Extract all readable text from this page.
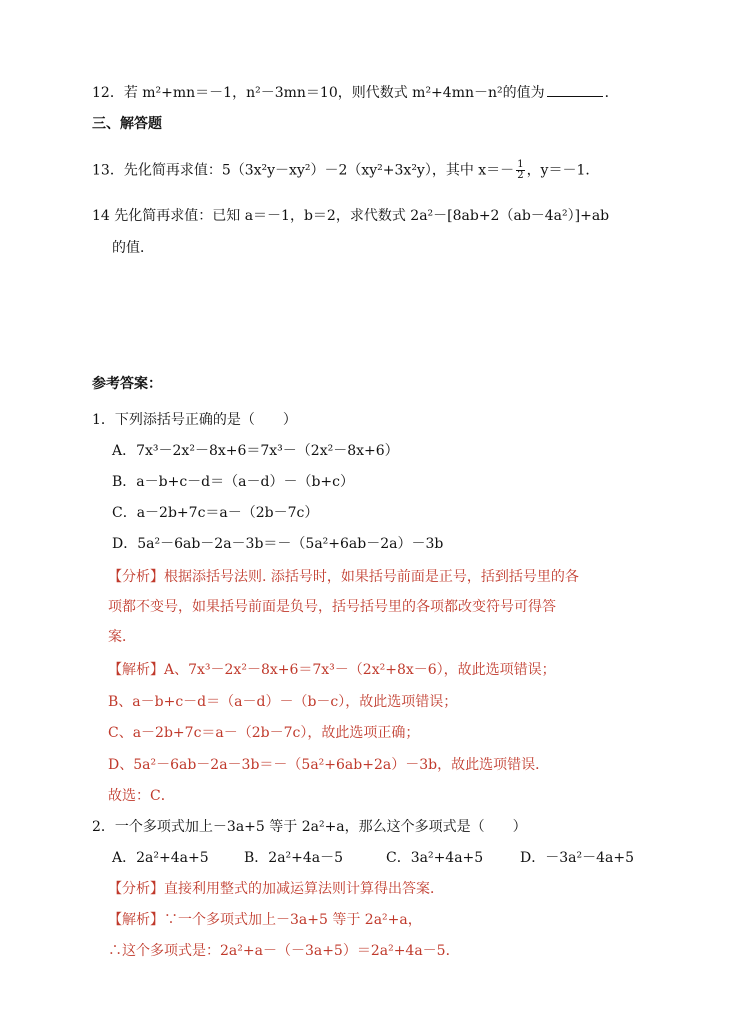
12．若 m²+mn＝－1，n²－3mn＝10，则代数式 m²+4mn－n²的值为	．
三、解答题
13．先化简再求值：5（3x²y－xy²）－2（xy²+3x²y），其中 $x=- \frac{1}{2}$ ，y＝－1．
14 先化简再求值：已知 a＝－1，b＝2，求代数式 2a²－[8ab+2（ab－4a²）]+ab
的值．
参考答案：
1．下列添括号正确的是（　　）
A．7x³－2x²－8x+6＝7x³－（2x²－8x+6）
B．a－b+c－d＝（a－d）－（b+c）
C．a－2b+7c＝a－（2b－7c）
D．5a²－6ab－2a－3b＝－（5a²+6ab－2a）－3b
【分析】根据添括号法则. 添括号时，如果括号前面是正号，括到括号里的各
项都不变号，如果括号前面是负号，括号括号里的各项都改变符号可得答
案．
【解析】A、7x³－2x²－8x+6＝7x³－（2x²+8x－6），故此选项错误；
B、a－b+c－d＝（a－d）－（b－c），故此选项错误；
C、a－2b+7c＝a－（2b－7c），故此选项正确；
D、5a²－6ab－2a－3b＝－（5a²+6ab+2a）－3b，故此选项错误．
故选：C．
2．一个多项式加上－3a+5 等于 2a²+a，那么这个多项式是（　　）
A．2a²+4a+5	B．2a²+4a－5	C．3a²+4a+5	D．－3a²－4a+5
【分析】直接利用整式的加减运算法则计算得出答案．
【解析】∵一个多项式加上－3a+5 等于 2a²+a，
∴这个多项式是：2a²+a－（－3a+5）＝2a²+4a－5．
